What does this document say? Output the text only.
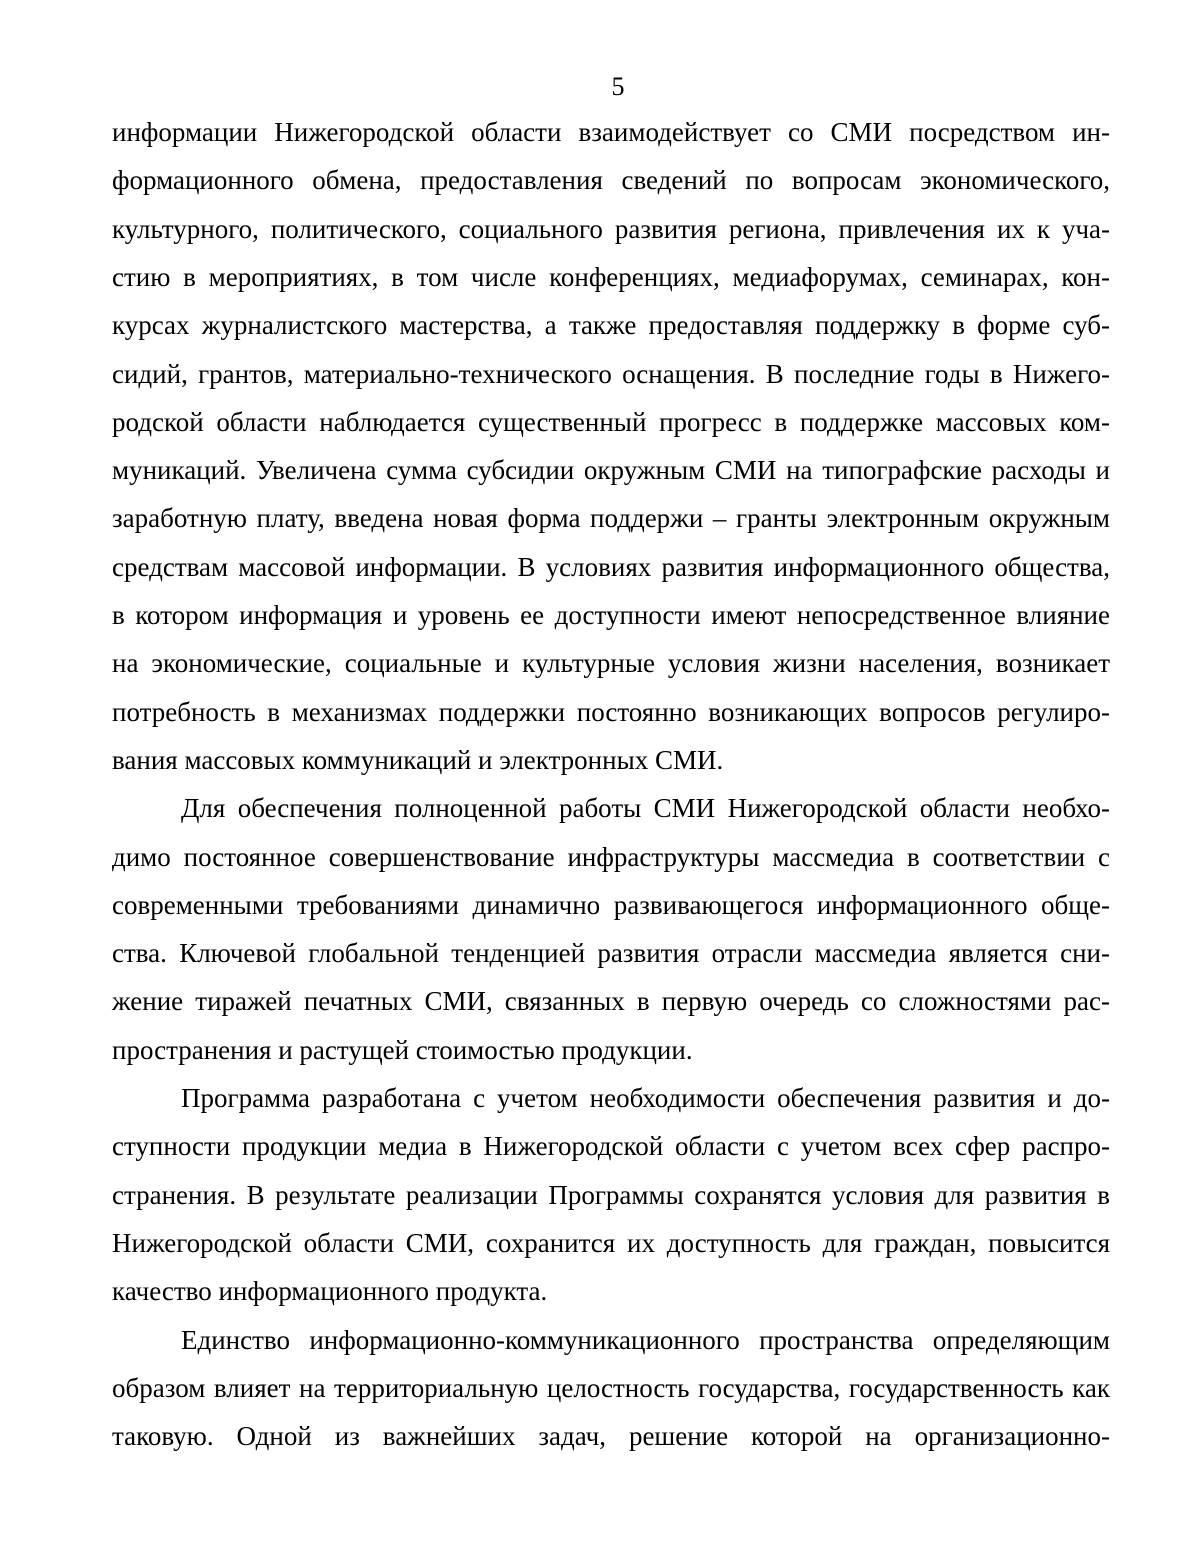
5
информации Нижегородской области взаимодействует со СМИ посредством ин-
формационного обмена, предоставления сведений по вопросам экономического,
культурного, политического, социального развития региона, привлечения их к уча-
стию в мероприятиях, в том числе конференциях, медиафорумах, семинарах, кон-
курсах журналистского мастерства, а также предоставляя поддержку в форме суб-
сидий, грантов, материально-технического оснащения. В последние годы в Нижего-
родской области наблюдается существенный прогресс в поддержке массовых ком-
муникаций. Увеличена сумма субсидии окружным СМИ на типографские расходы и
заработную плату, введена новая форма поддержи – гранты электронным окружным
средствам массовой информации. В условиях развития информационного общества,
в котором информация и уровень ее доступности имеют непосредственное влияние
на экономические, социальные и культурные условия жизни населения, возникает
потребность в механизмах поддержки постоянно возникающих вопросов регулиро-
вания массовых коммуникаций и электронных СМИ.
Для обеспечения полноценной работы СМИ Нижегородской области необхо-
димо постоянное совершенствование инфраструктуры массмедиа в соответствии с
современными требованиями динамично развивающегося информационного обще-
ства. Ключевой глобальной тенденцией развития отрасли массмедиа является сни-
жение тиражей печатных СМИ, связанных в первую очередь со сложностями рас-
пространения и растущей стоимостью продукции.
Программа разработана с учетом необходимости обеспечения развития и до-
ступности продукции медиа в Нижегородской области с учетом всех сфер распро-
странения. В результате реализации Программы сохранятся условия для развития в
Нижегородской области СМИ, сохранится их доступность для граждан, повысится
качество информационного продукта.
Единство информационно-коммуникационного пространства определяющим
образом влияет на территориальную целостность государства, государственность как
таковую. Одной из важнейших задач, решение которой на организационно-
